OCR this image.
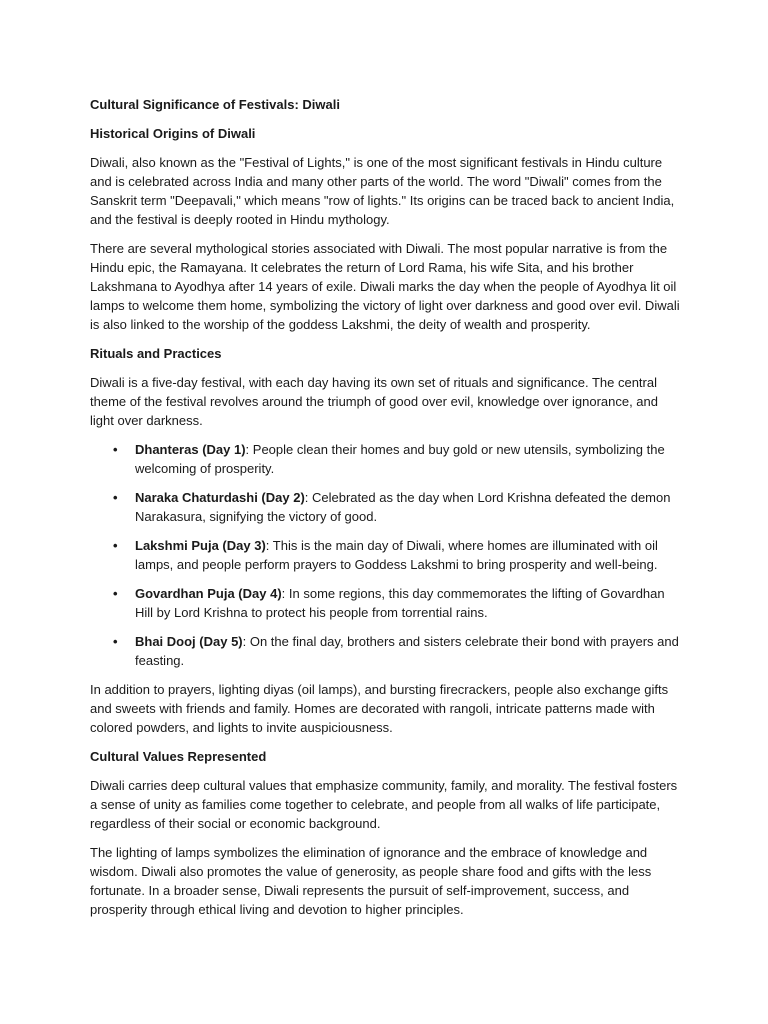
Cultural Significance of Festivals: Diwali
Historical Origins of Diwali

Diwali, also known as the "Festival of Lights," is one of the most significant festivals in Hindu culture and is celebrated across India and many other parts of the world. The word "Diwali" comes from the Sanskrit term "Deepavali," which means "row of lights." Its origins can be traced back to ancient India, and the festival is deeply rooted in Hindu mythology.

There are several mythological stories associated with Diwali. The most popular narrative is from the Hindu epic, the Ramayana. It celebrates the return of Lord Rama, his wife Sita, and his brother Lakshmana to Ayodhya after 14 years of exile. Diwali marks the day when the people of Ayodhya lit oil lamps to welcome them home, symbolizing the victory of light over darkness and good over evil. Diwali is also linked to the worship of the goddess Lakshmi, the deity of wealth and prosperity.

Rituals and Practices

Diwali is a five-day festival, with each day having its own set of rituals and significance. The central theme of the festival revolves around the triumph of good over evil, knowledge over ignorance, and light over darkness.

• Dhanteras (Day 1): People clean their homes and buy gold or new utensils, symbolizing the welcoming of prosperity.
• Naraka Chaturdashi (Day 2): Celebrated as the day when Lord Krishna defeated the demon Narakasura, signifying the victory of good.
• Lakshmi Puja (Day 3): This is the main day of Diwali, where homes are illuminated with oil lamps, and people perform prayers to Goddess Lakshmi to bring prosperity and well-being.
• Govardhan Puja (Day 4): In some regions, this day commemorates the lifting of Govardhan Hill by Lord Krishna to protect his people from torrential rains.
• Bhai Dooj (Day 5): On the final day, brothers and sisters celebrate their bond with prayers and feasting.

In addition to prayers, lighting diyas (oil lamps), and bursting firecrackers, people also exchange gifts and sweets with friends and family. Homes are decorated with rangoli, intricate patterns made with colored powders, and lights to invite auspiciousness.

Cultural Values Represented

Diwali carries deep cultural values that emphasize community, family, and morality. The festival fosters a sense of unity as families come together to celebrate, and people from all walks of life participate, regardless of their social or economic background.

The lighting of lamps symbolizes the elimination of ignorance and the embrace of knowledge and wisdom. Diwali also promotes the value of generosity, as people share food and gifts with the less fortunate. In a broader sense, Diwali represents the pursuit of self-improvement, success, and prosperity through ethical living and devotion to higher principles.
